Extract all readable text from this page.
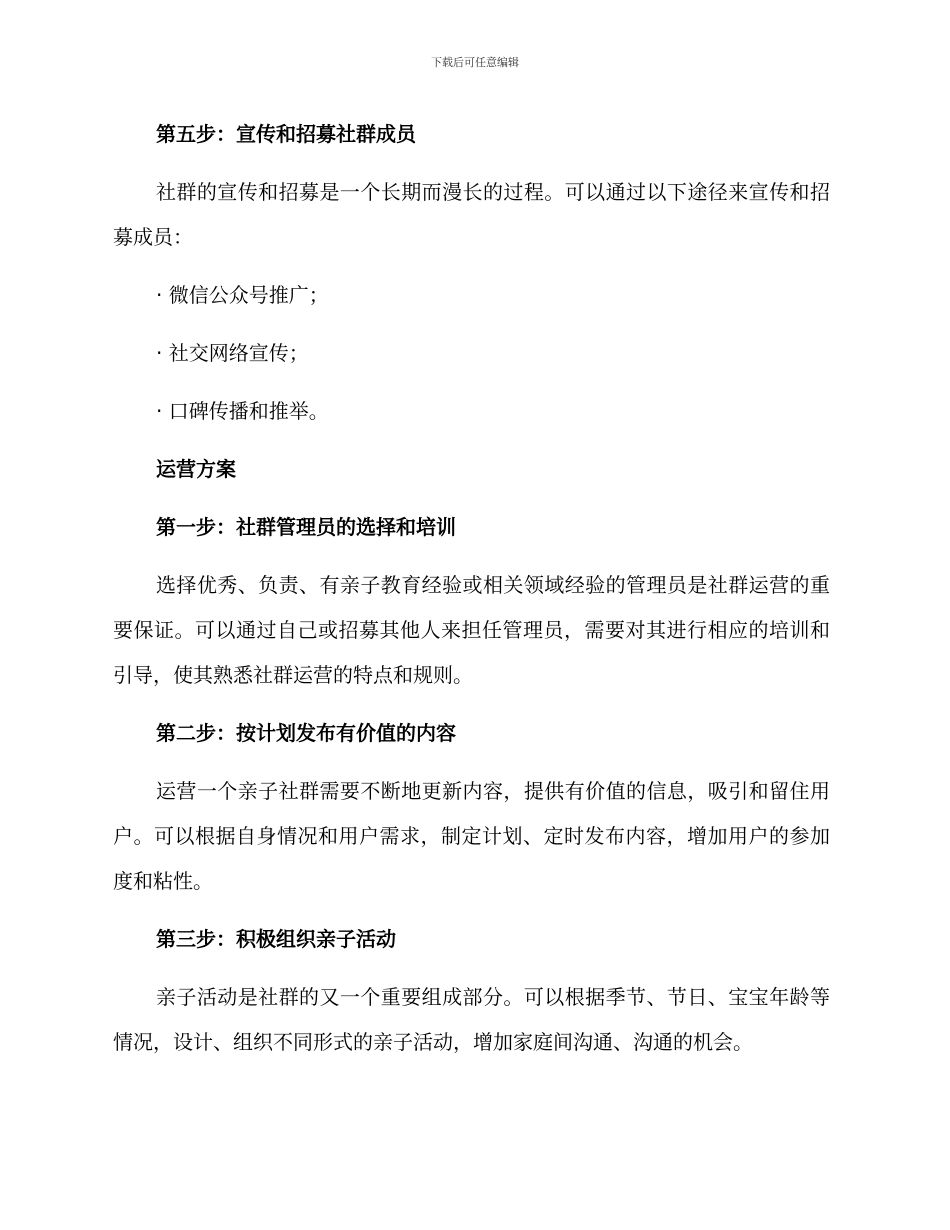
下载后可任意编辑

第五步：宣传和招募社群成员

社群的宣传和招募是一个长期而漫长的过程。可以通过以下途径来宣传和招募成员：

· 微信公众号推广；

· 社交网络宣传；

· 口碑传播和推举。

运营方案

第一步：社群管理员的选择和培训

选择优秀、负责、有亲子教育经验或相关领域经验的管理员是社群运营的重要保证。可以通过自己或招募其他人来担任管理员，需要对其进行相应的培训和引导，使其熟悉社群运营的特点和规则。

第二步：按计划发布有价值的内容

运营一个亲子社群需要不断地更新内容，提供有价值的信息，吸引和留住用户。可以根据自身情况和用户需求，制定计划、定时发布内容，增加用户的参加度和粘性。

第三步：积极组织亲子活动

亲子活动是社群的又一个重要组成部分。可以根据季节、节日、宝宝年龄等情况，设计、组织不同形式的亲子活动，增加家庭间沟通、沟通的机会。
